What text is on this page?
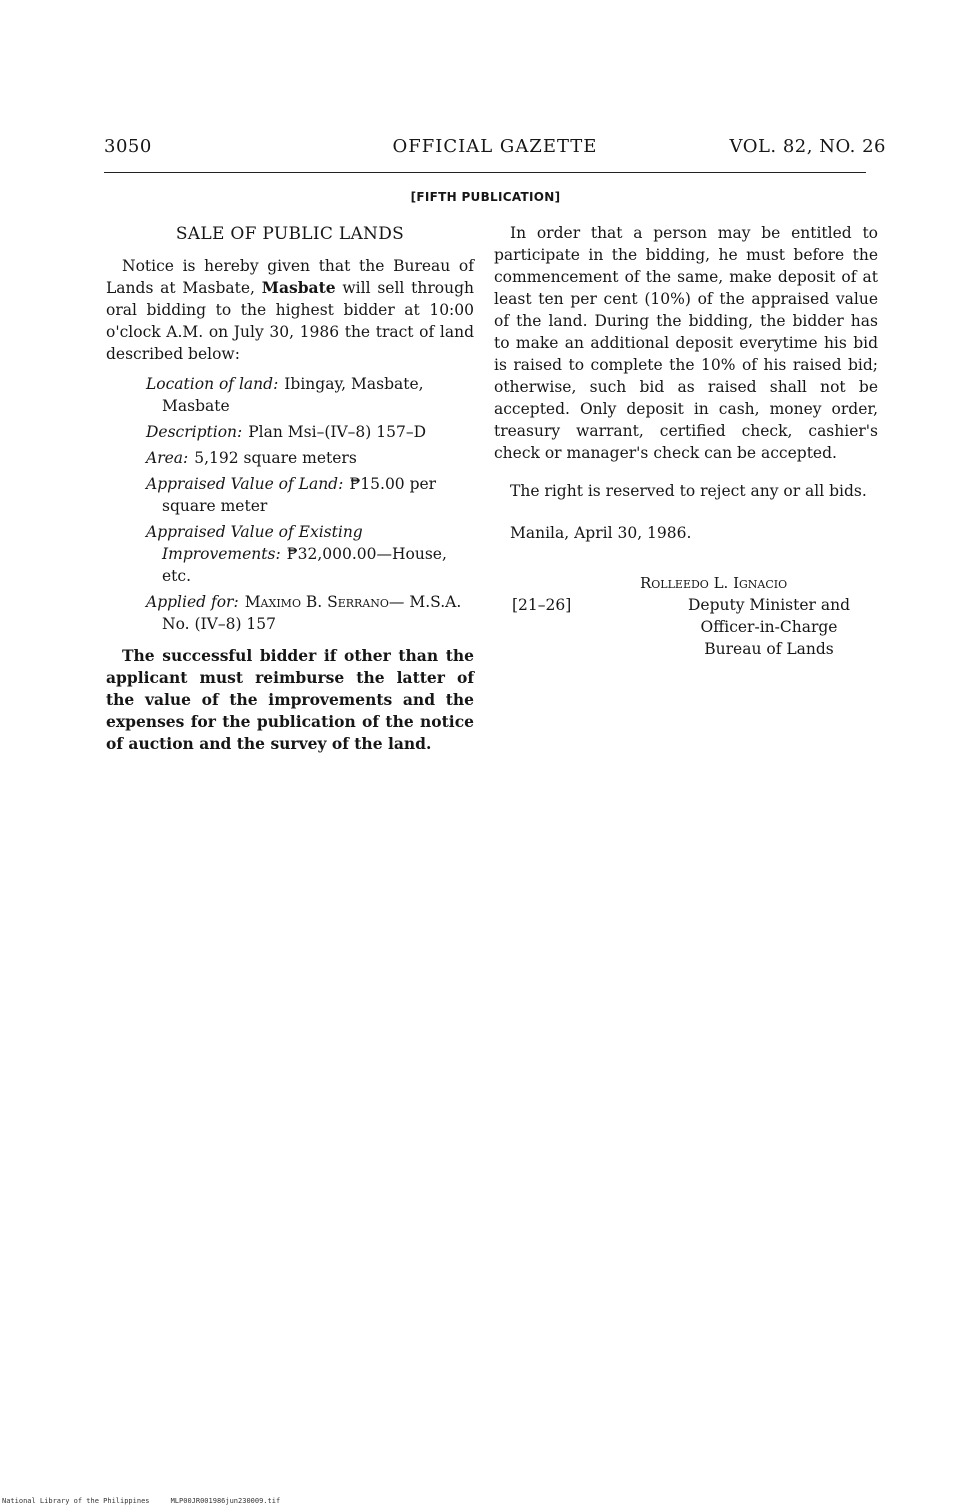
3050	OFFICIAL GAZETTE	VOL. 82, NO. 26
[FIFTH PUBLICATION]
SALE OF PUBLIC LANDS

Notice is hereby given that the Bureau of Lands at Masbate, Masbate will sell through oral bidding to the highest bidder at 10:00 o'clock A.M. on July 30, 1986 the tract of land described below:

Location of land: Ibingay, Masbate, Masbate
Description: Plan Msi–(IV–8) 157–D
Area: 5,192 square meters
Appraised Value of Land: ₱15.00 per square meter
Appraised Value of Existing Improvements: ₱32,000.00—House, etc.
Applied for: Maximo B. Serrano— M.S.A. No. (IV–8) 157

The successful bidder if other than the applicant must reimburse the latter of the value of the improvements and the expenses for the publication of the notice of auction and the survey of the land.

In order that a person may be entitled to participate in the bidding, he must before the commencement of the same, make deposit of at least ten per cent (10%) of the appraised value of the land. During the bidding, the bidder has to make an additional deposit everytime his bid is raised to complete the 10% of his raised bid; otherwise, such bid as raised shall not be accepted. Only deposit in cash, money order, treasury warrant, certified check, cashier's check or manager's check can be accepted.

The right is reserved to reject any or all bids.

Manila, April 30, 1986.

[21–26]
Rolleedo L. Ignacio
Deputy Minister and
Officer-in-Charge
Bureau of Lands
National Library of the Philippines	MLP00JR001986jun230009.tif
